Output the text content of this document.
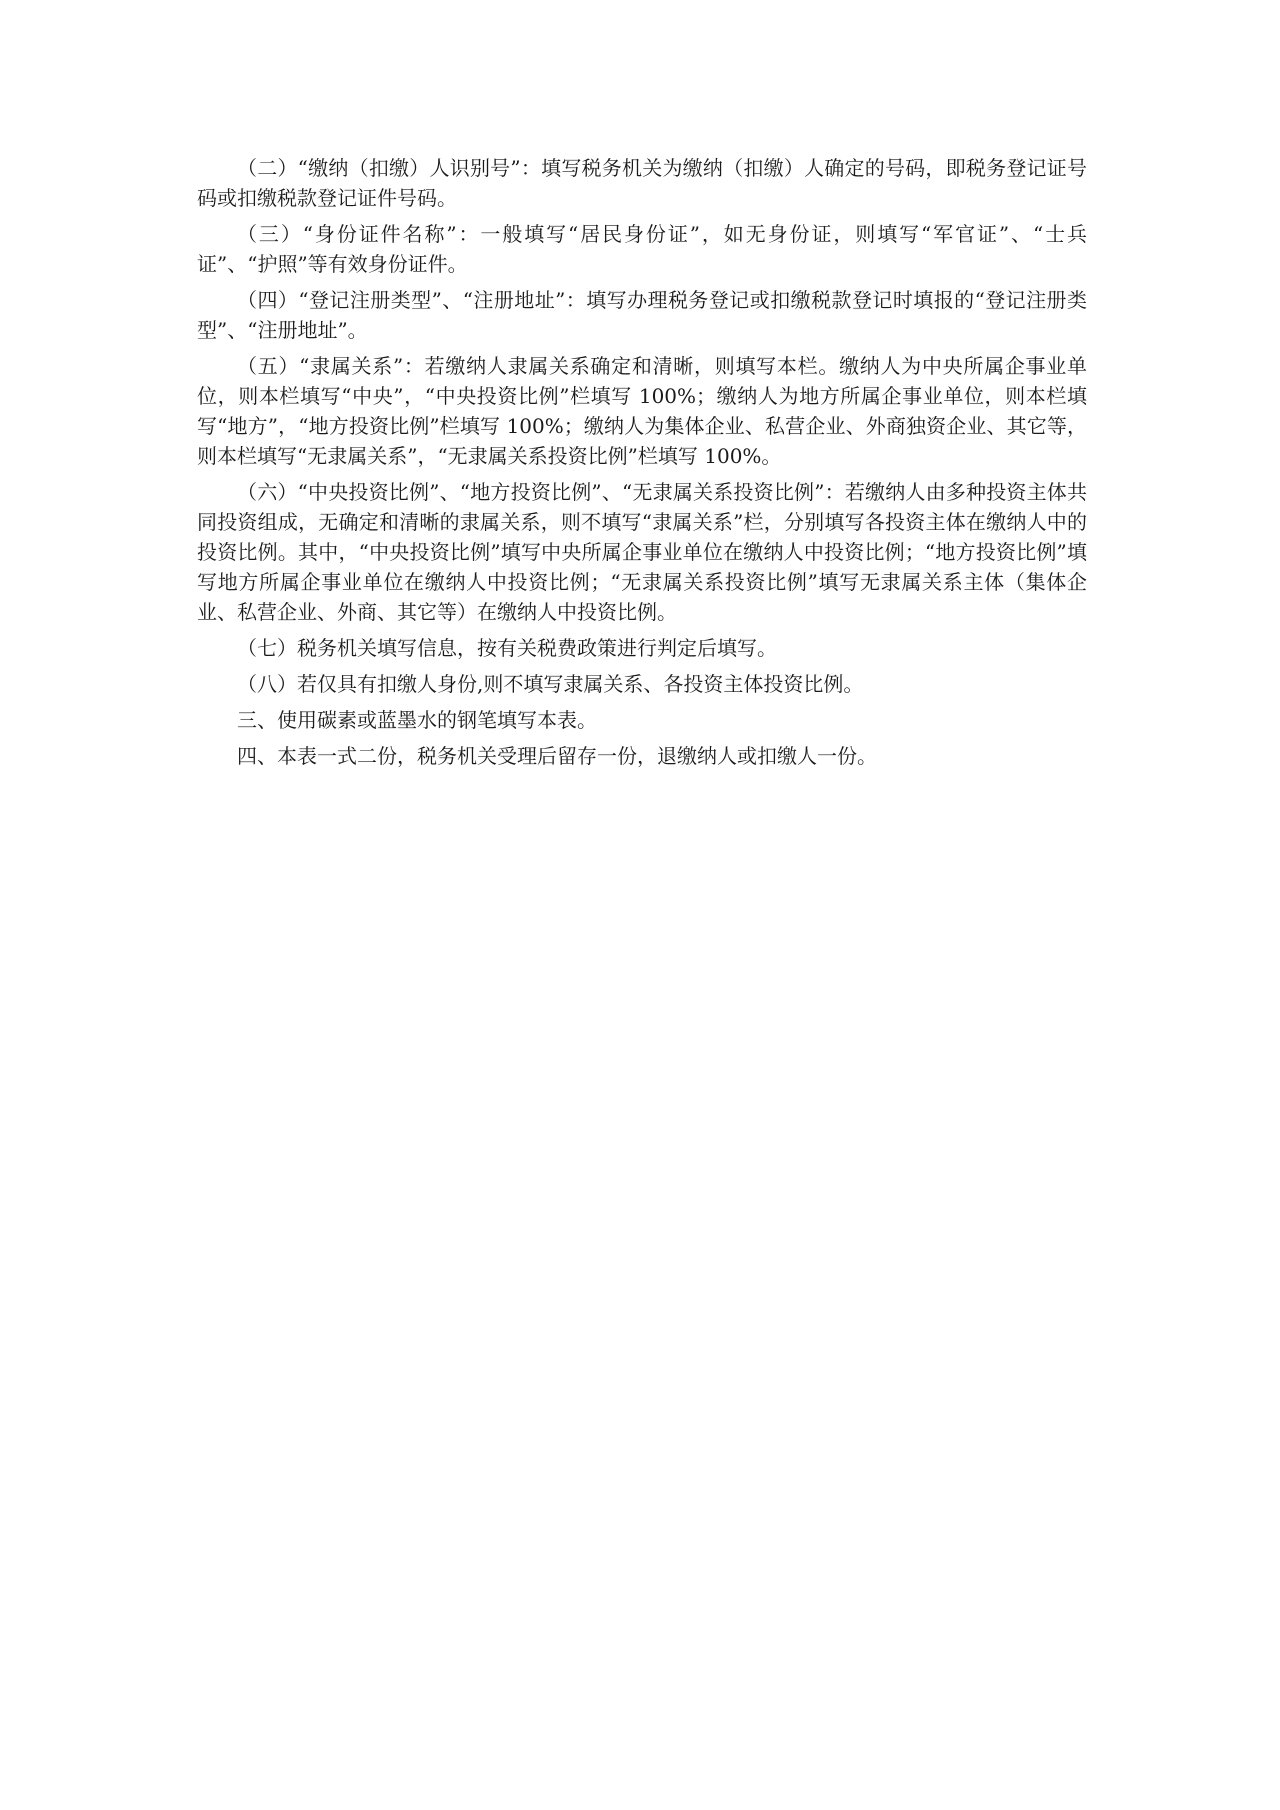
（二）“缴纳（扣缴）人识别号”：填写税务机关为缴纳（扣缴）人确定的号码，即税务登记证号码或扣缴税款登记证件号码。

（三）“身份证件名称”：一般填写“居民身份证”，如无身份证，则填写“军官证”、“士兵证”、“护照”等有效身份证件。

（四）“登记注册类型”、“注册地址”：填写办理税务登记或扣缴税款登记时填报的“登记注册类型”、“注册地址”。

（五）“隶属关系”：若缴纳人隶属关系确定和清晰，则填写本栏。缴纳人为中央所属企事业单位，则本栏填写“中央”，“中央投资比例”栏填写 100%；缴纳人为地方所属企事业单位，则本栏填写“地方”，“地方投资比例”栏填写 100%；缴纳人为集体企业、私营企业、外商独资企业、其它等，则本栏填写“无隶属关系”，“无隶属关系投资比例”栏填写 100%。

（六）“中央投资比例”、“地方投资比例”、“无隶属关系投资比例”：若缴纳人由多种投资主体共同投资组成，无确定和清晰的隶属关系，则不填写“隶属关系”栏，分别填写各投资主体在缴纳人中的投资比例。其中，“中央投资比例”填写中央所属企事业单位在缴纳人中投资比例；“地方投资比例”填写地方所属企事业单位在缴纳人中投资比例；“无隶属关系投资比例”填写无隶属关系主体（集体企业、私营企业、外商、其它等）在缴纳人中投资比例。

（七）税务机关填写信息，按有关税费政策进行判定后填写。

（八）若仅具有扣缴人身份,则不填写隶属关系、各投资主体投资比例。

三、使用碳素或蓝墨水的钢笔填写本表。

四、本表一式二份，税务机关受理后留存一份，退缴纳人或扣缴人一份。
